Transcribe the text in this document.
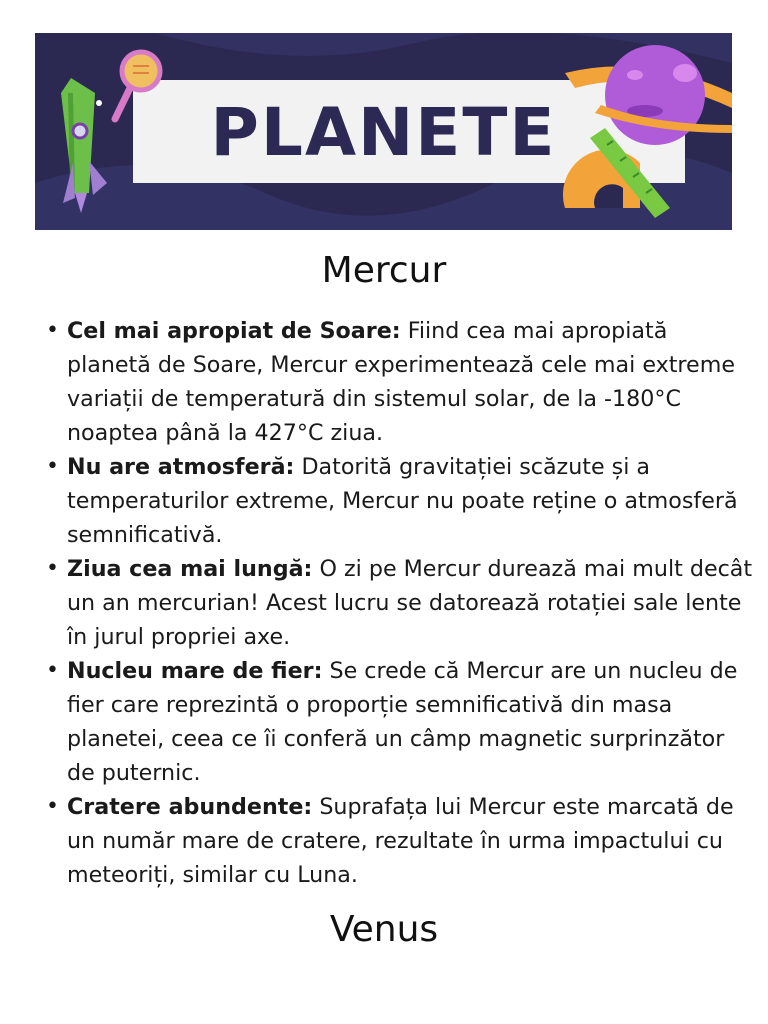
PLANETE
Mercur
• Cel mai apropiat de Soare: Fiind cea mai apropiată planetă de Soare, Mercur experimentează cele mai extreme variații de temperatură din sistemul solar, de la -180°C noaptea până la 427°C ziua.
• Nu are atmosferă: Datorită gravitației scăzute și a temperaturilor extreme, Mercur nu poate reține o atmosferă semnificativă.
• Ziua cea mai lungă: O zi pe Mercur durează mai mult decât un an mercurian! Acest lucru se datorează rotației sale lente în jurul propriei axe.
• Nucleu mare de fier: Se crede că Mercur are un nucleu de fier care reprezintă o proporție semnificativă din masa planetei, ceea ce îi conferă un câmp magnetic surprinzător de puternic.
• Cratere abundente: Suprafața lui Mercur este marcată de un număr mare de cratere, rezultate în urma impactului cu meteoriți, similar cu Luna.
Venus
